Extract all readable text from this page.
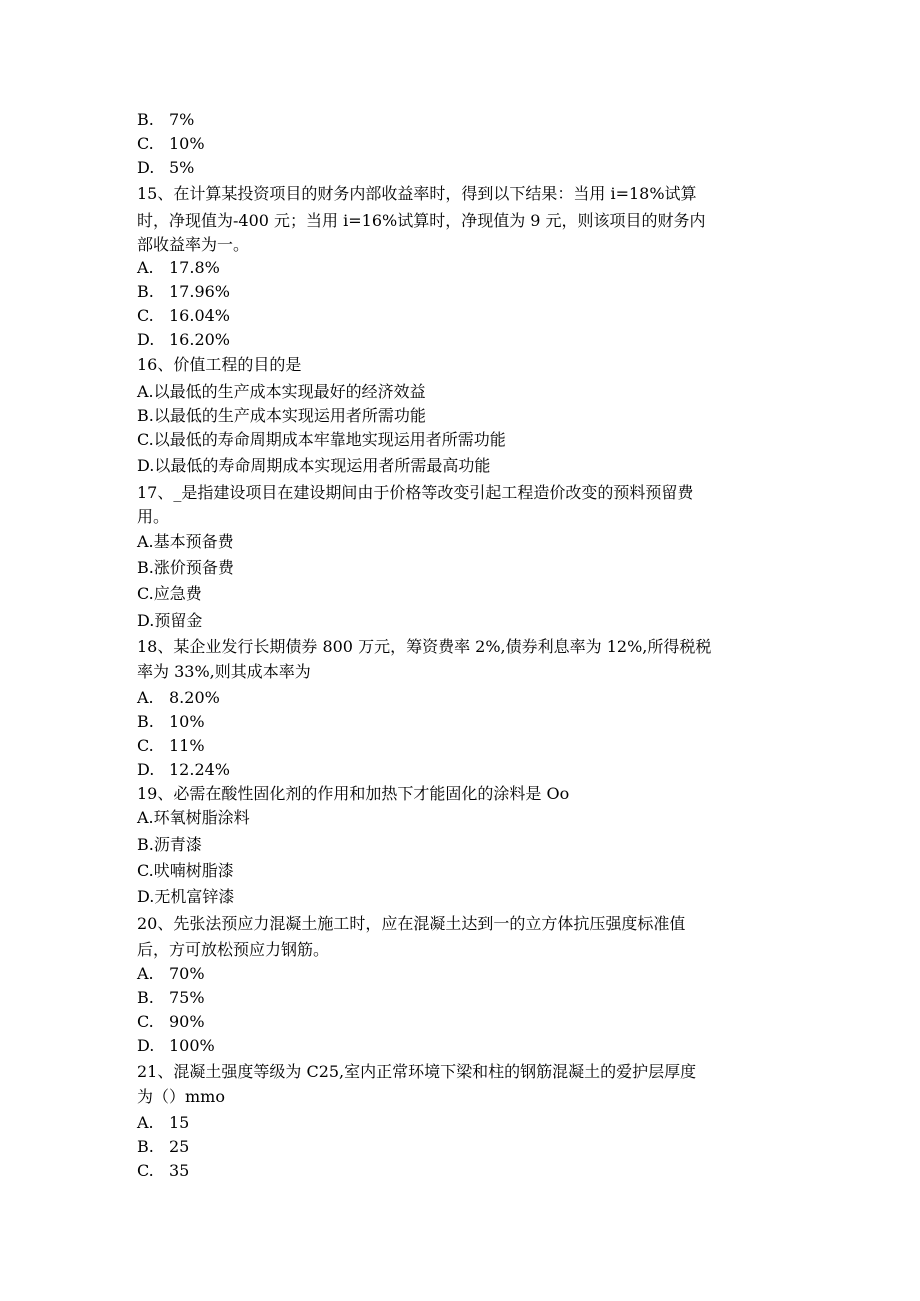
B. 7%
C. 10%
D. 5%
15、在计算某投资项目的财务内部收益率时，得到以下结果：当用 i=18%试算
时，净现值为-400 元；当用 i=16%试算时，净现值为 9 元，则该项目的财务内
部收益率为一。
A. 17.8%
B. 17.96%
C. 16.04%
D. 16.20%
16、价值工程的目的是
A.以最低的生产成本实现最好的经济效益
B.以最低的生产成本实现运用者所需功能
C.以最低的寿命周期成本牢靠地实现运用者所需功能
D.以最低的寿命周期成本实现运用者所需最高功能
17、_是指建设项目在建设期间由于价格等改变引起工程造价改变的预料预留费
用。
A.基本预备费
B.涨价预备费
C.应急费
D.预留金
18、某企业发行长期债券 800 万元，筹资费率 2%,债券利息率为 12%,所得税税
率为 33%,则其成本率为
A. 8.20%
B. 10%
C. 11%
D. 12.24%
19、必需在酸性固化剂的作用和加热下才能固化的涂料是 Oo
A.环氧树脂涂料
B.沥青漆
C.吠喃树脂漆
D.无机富锌漆
20、先张法预应力混凝土施工时，应在混凝土达到一的立方体抗压强度标准值
后，方可放松预应力钢筋。
A. 70%
B. 75%
C. 90%
D. 100%
21、混凝土强度等级为 C25,室内正常环境下梁和柱的钢筋混凝土的爱护层厚度
为（）mmo
A. 15
B. 25
C. 35
